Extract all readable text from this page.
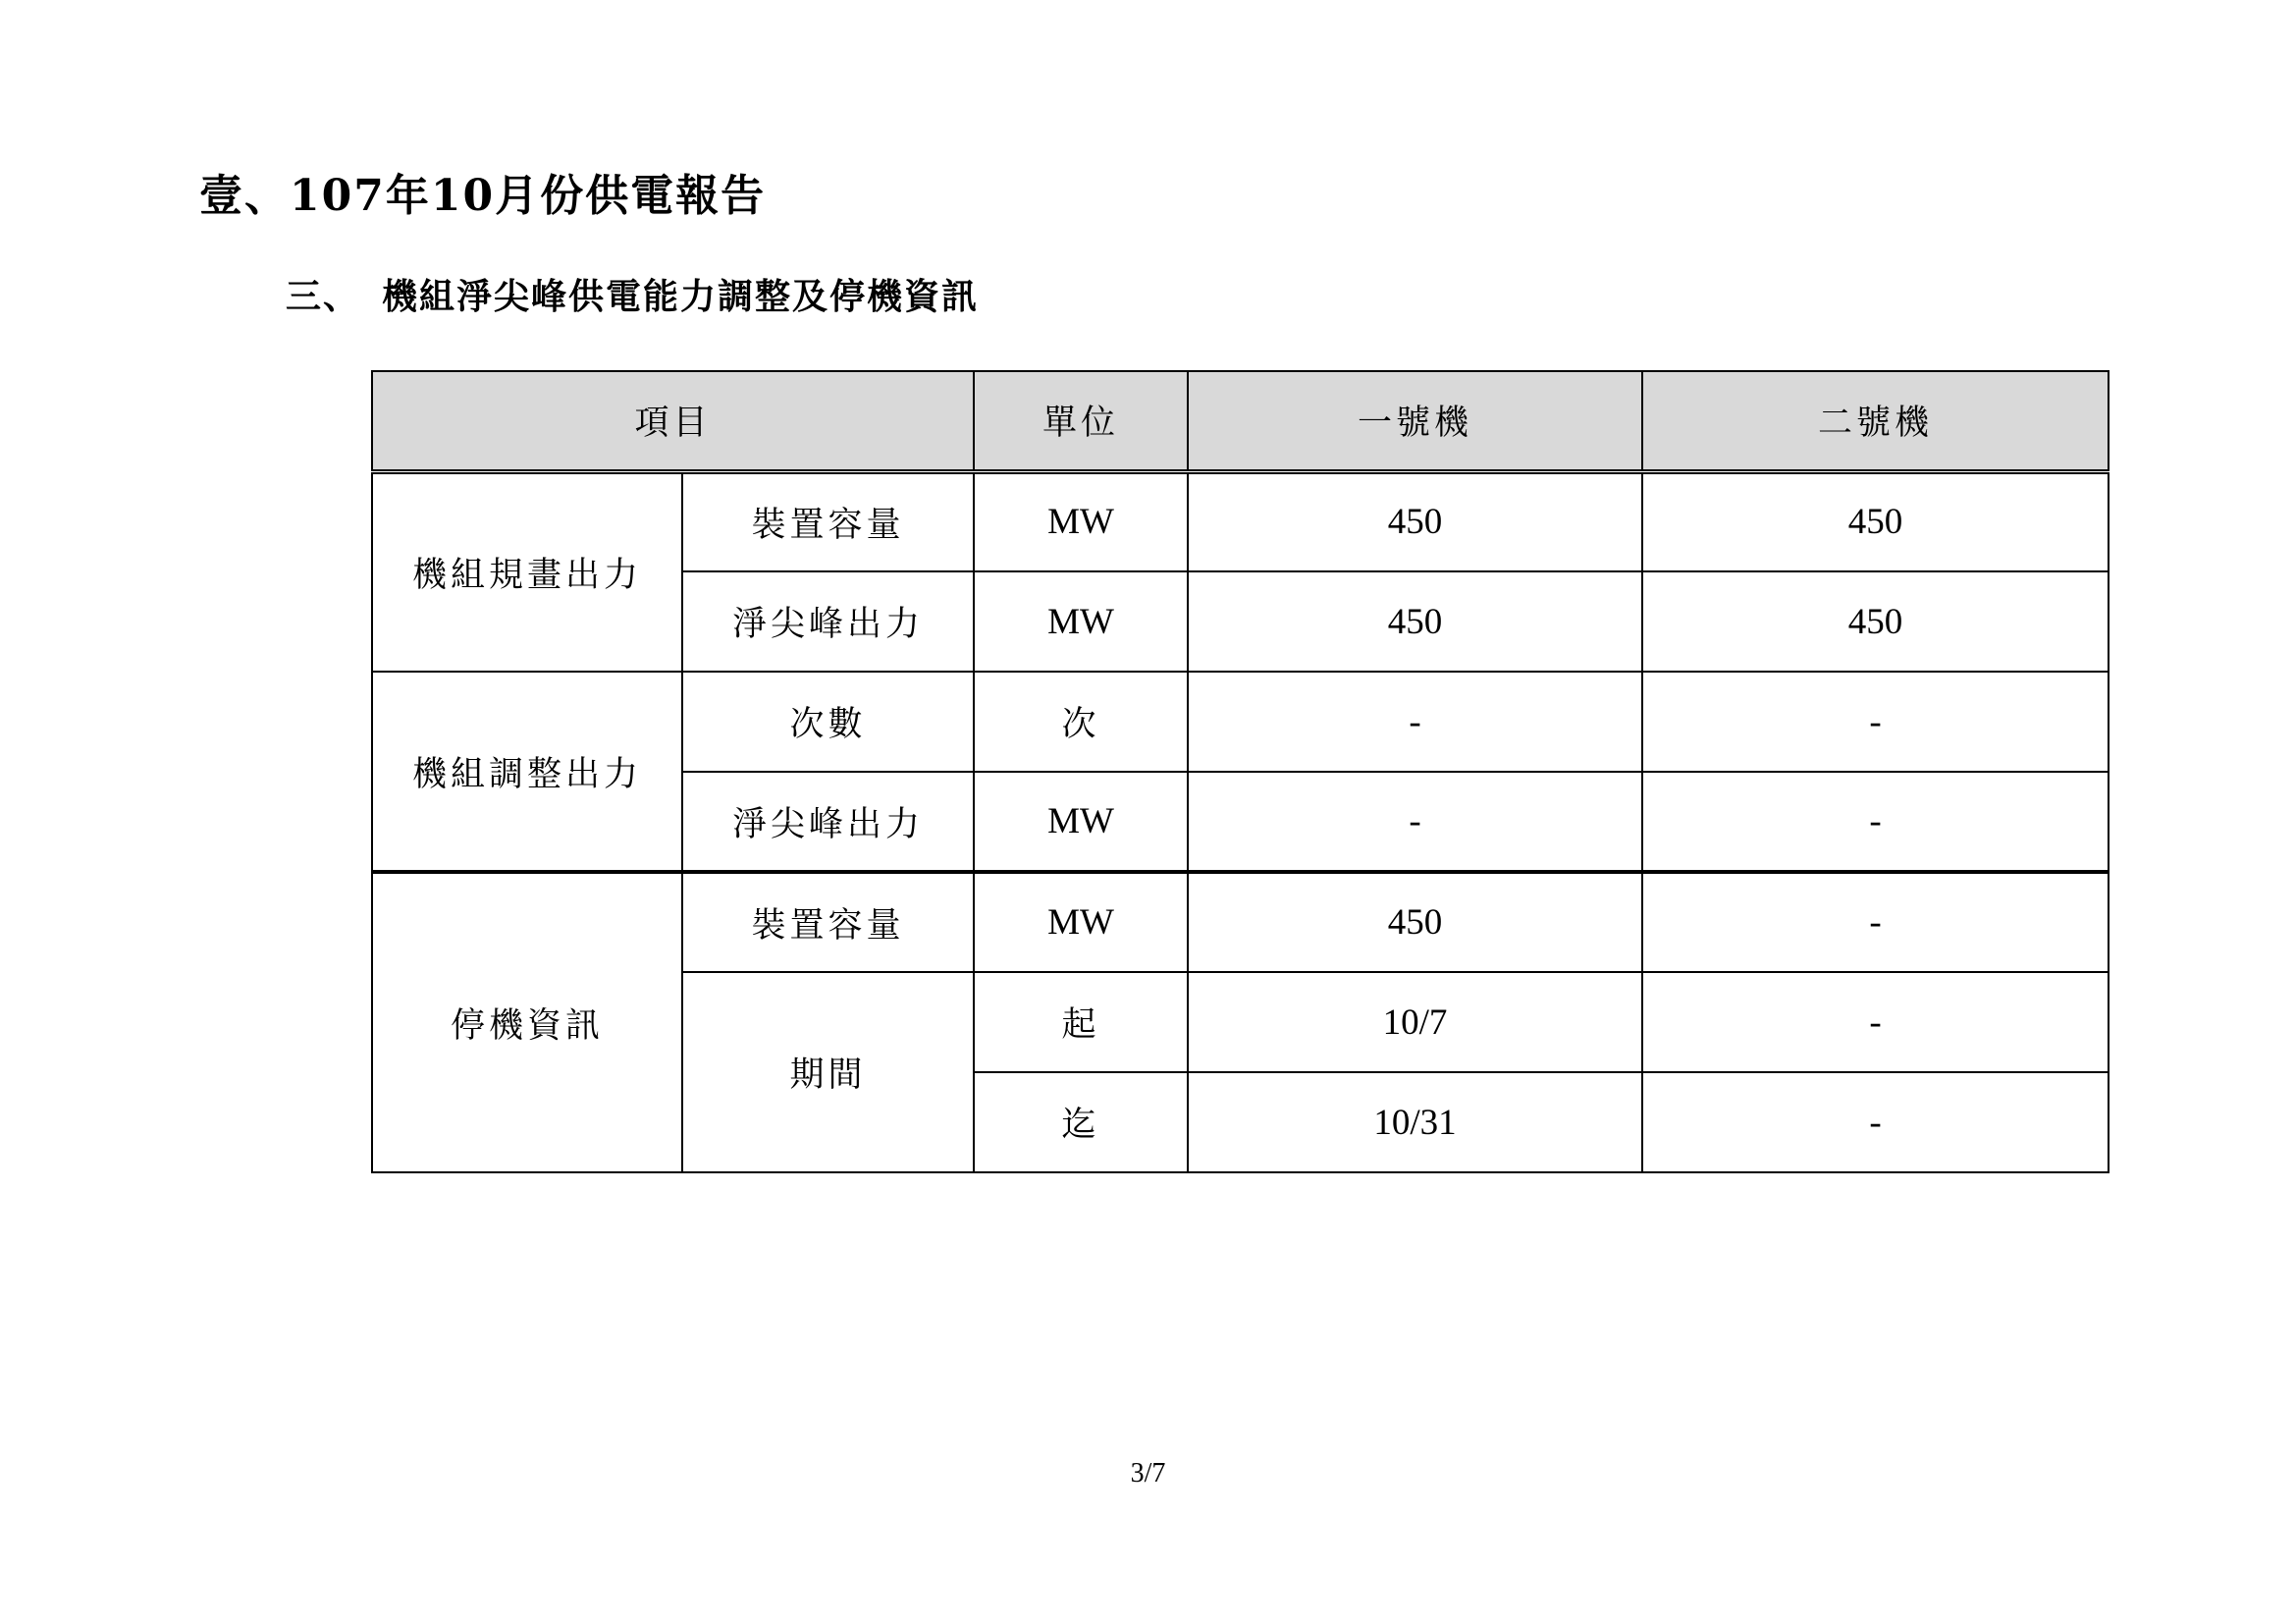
壹、107年10月份供電報告
三、 機組淨尖峰供電能力調整及停機資訊
項目		單位	一號機	二號機
機組規畫出力	裝置容量	MW	450	450
	淨尖峰出力	MW	450	450
機組調整出力	次數	次	-	-
	淨尖峰出力	MW	-	-
停機資訊	裝置容量	MW	450	-
	期間	起	10/7	-
		迄	10/31	-
3/7
